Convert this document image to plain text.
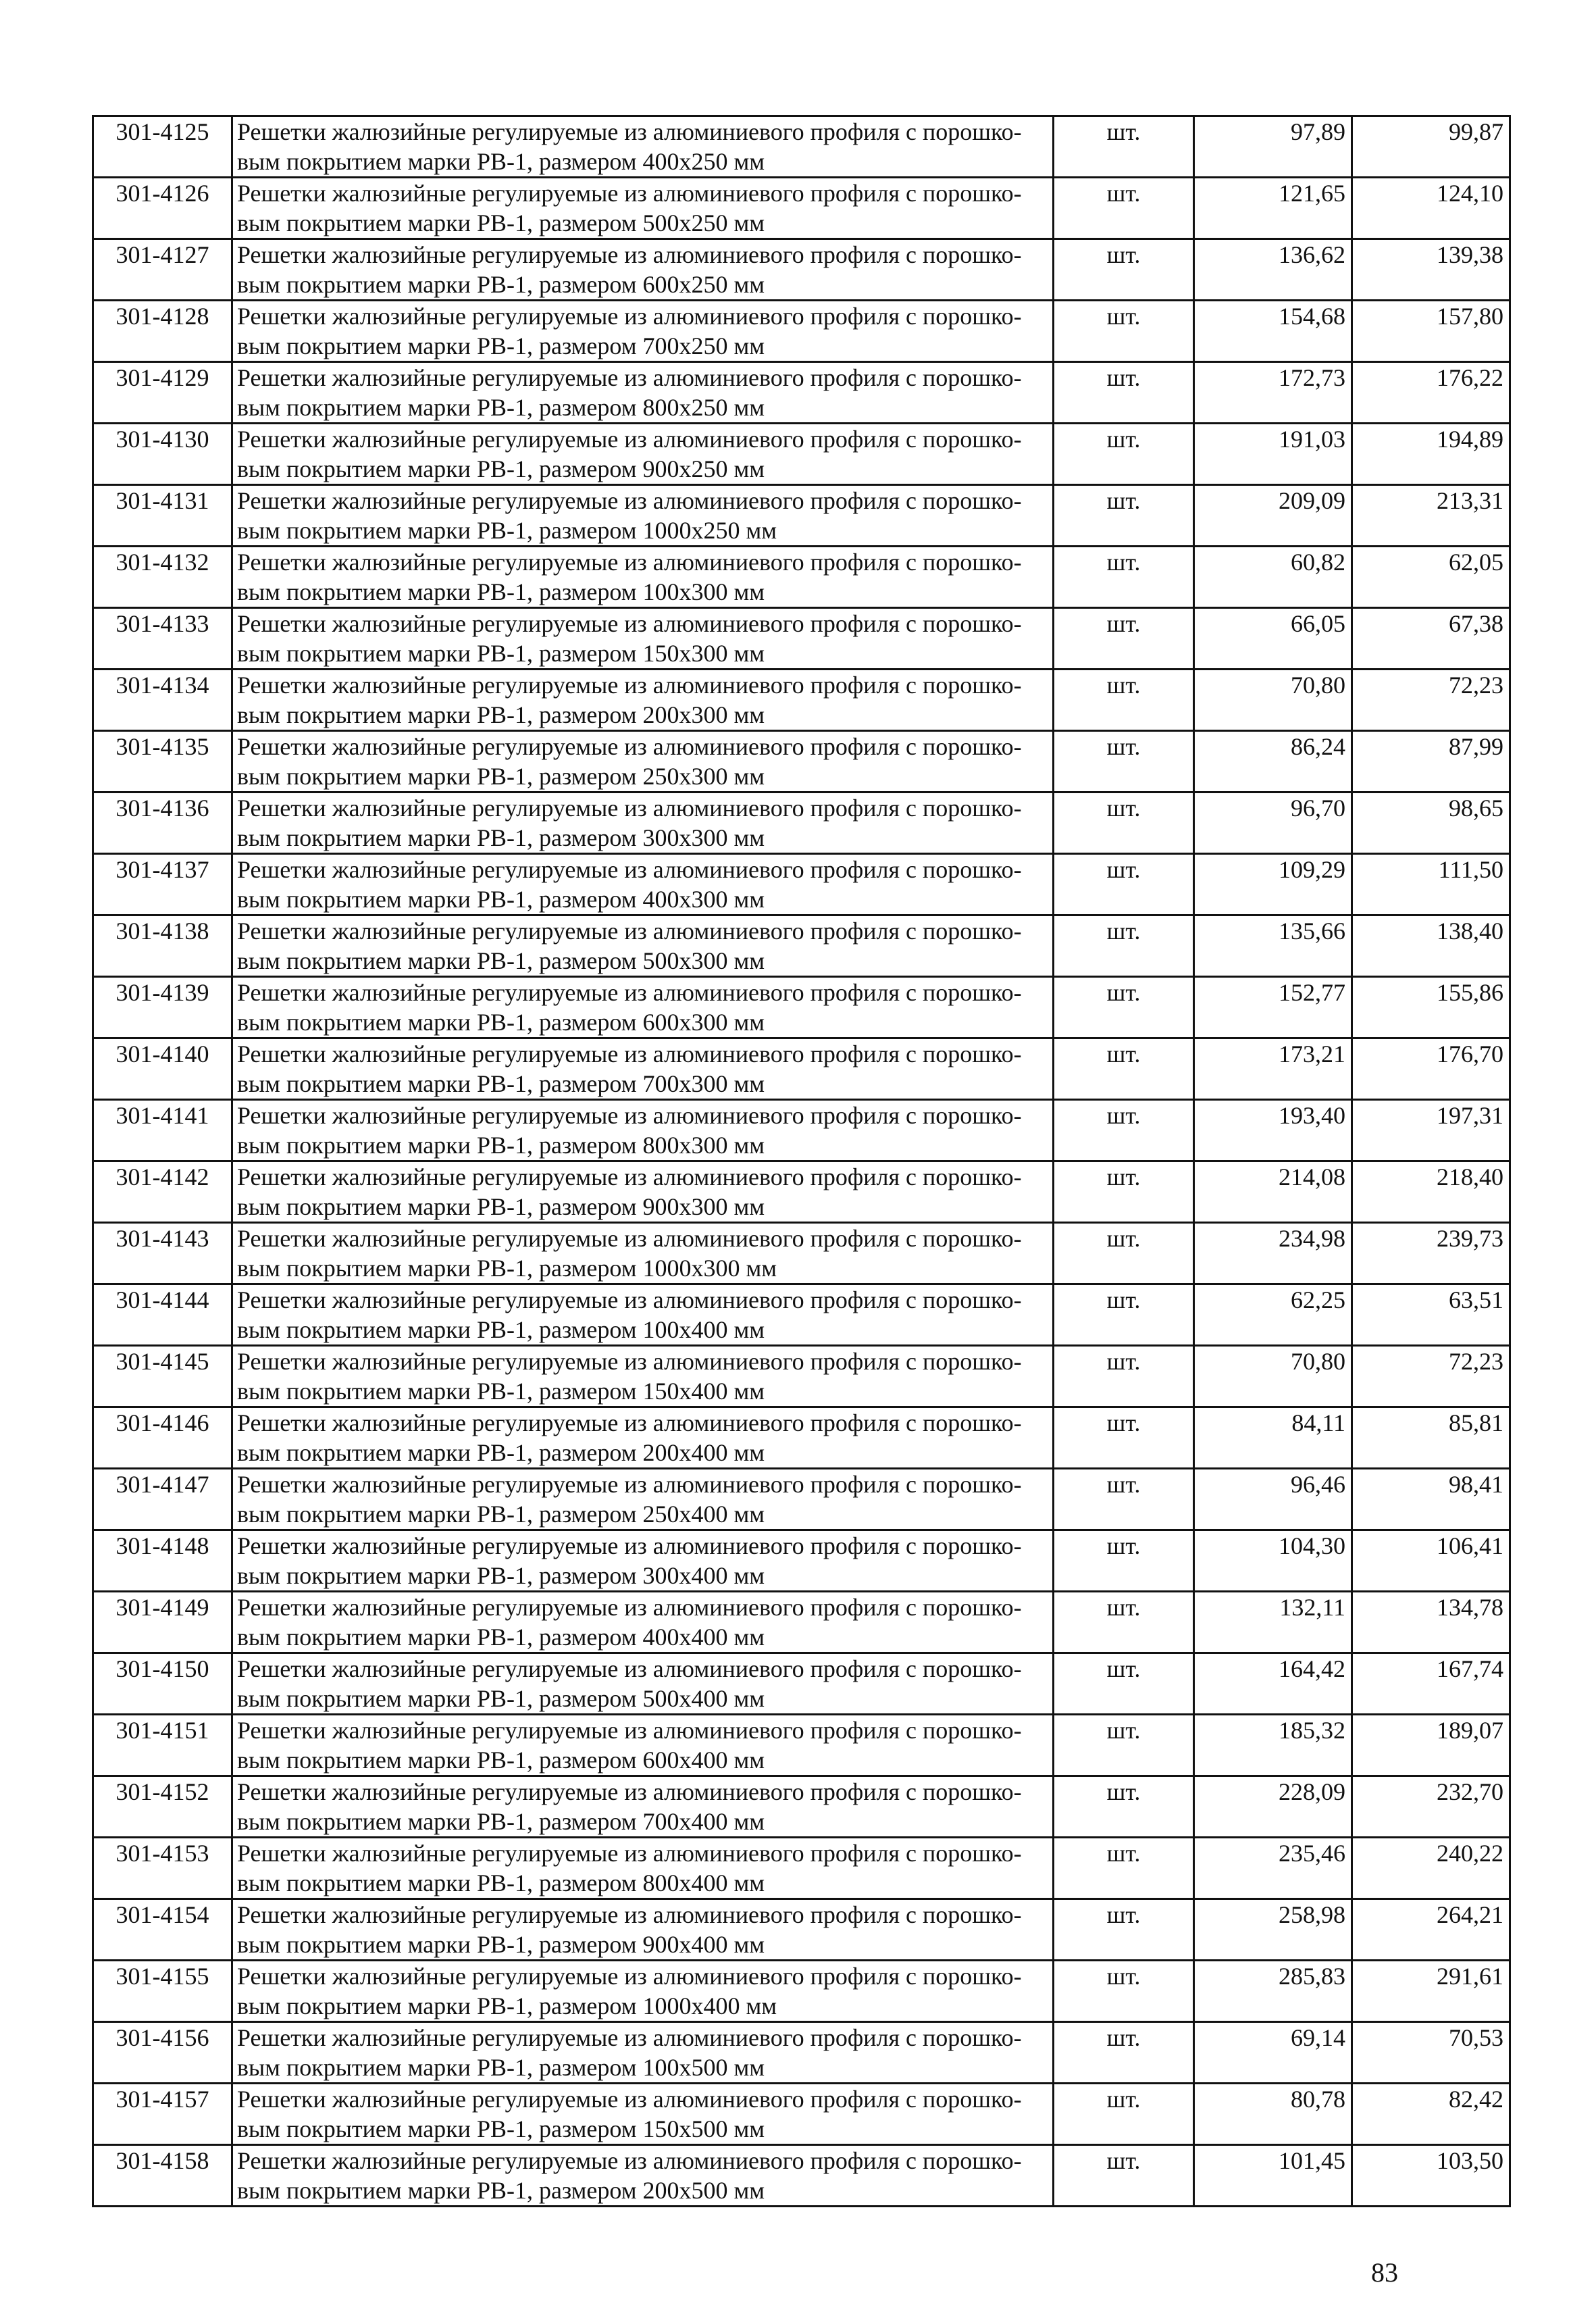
301-4125	Решетки жалюзийные регулируемые из алюминиевого профиля с порошко-
вым покрытием марки РВ-1, размером 400x250 мм	шт.	97,89	99,87
301-4126	Решетки жалюзийные регулируемые из алюминиевого профиля с порошко-
вым покрытием марки РВ-1, размером 500x250 мм	шт.	121,65	124,10
301-4127	Решетки жалюзийные регулируемые из алюминиевого профиля с порошко-
вым покрытием марки РВ-1, размером 600x250 мм	шт.	136,62	139,38
301-4128	Решетки жалюзийные регулируемые из алюминиевого профиля с порошко-
вым покрытием марки РВ-1, размером 700x250 мм	шт.	154,68	157,80
301-4129	Решетки жалюзийные регулируемые из алюминиевого профиля с порошко-
вым покрытием марки РВ-1, размером 800x250 мм	шт.	172,73	176,22
301-4130	Решетки жалюзийные регулируемые из алюминиевого профиля с порошко-
вым покрытием марки РВ-1, размером 900x250 мм	шт.	191,03	194,89
301-4131	Решетки жалюзийные регулируемые из алюминиевого профиля с порошко-
вым покрытием марки РВ-1, размером 1000x250 мм	шт.	209,09	213,31
301-4132	Решетки жалюзийные регулируемые из алюминиевого профиля с порошко-
вым покрытием марки РВ-1, размером 100x300 мм	шт.	60,82	62,05
301-4133	Решетки жалюзийные регулируемые из алюминиевого профиля с порошко-
вым покрытием марки РВ-1, размером 150x300 мм	шт.	66,05	67,38
301-4134	Решетки жалюзийные регулируемые из алюминиевого профиля с порошко-
вым покрытием марки РВ-1, размером 200x300 мм	шт.	70,80	72,23
301-4135	Решетки жалюзийные регулируемые из алюминиевого профиля с порошко-
вым покрытием марки РВ-1, размером 250x300 мм	шт.	86,24	87,99
301-4136	Решетки жалюзийные регулируемые из алюминиевого профиля с порошко-
вым покрытием марки РВ-1, размером 300x300 мм	шт.	96,70	98,65
301-4137	Решетки жалюзийные регулируемые из алюминиевого профиля с порошко-
вым покрытием марки РВ-1, размером 400x300 мм	шт.	109,29	111,50
301-4138	Решетки жалюзийные регулируемые из алюминиевого профиля с порошко-
вым покрытием марки РВ-1, размером 500x300 мм	шт.	135,66	138,40
301-4139	Решетки жалюзийные регулируемые из алюминиевого профиля с порошко-
вым покрытием марки РВ-1, размером 600x300 мм	шт.	152,77	155,86
301-4140	Решетки жалюзийные регулируемые из алюминиевого профиля с порошко-
вым покрытием марки РВ-1, размером 700x300 мм	шт.	173,21	176,70
301-4141	Решетки жалюзийные регулируемые из алюминиевого профиля с порошко-
вым покрытием марки РВ-1, размером 800x300 мм	шт.	193,40	197,31
301-4142	Решетки жалюзийные регулируемые из алюминиевого профиля с порошко-
вым покрытием марки РВ-1, размером 900x300 мм	шт.	214,08	218,40
301-4143	Решетки жалюзийные регулируемые из алюминиевого профиля с порошко-
вым покрытием марки РВ-1, размером 1000x300 мм	шт.	234,98	239,73
301-4144	Решетки жалюзийные регулируемые из алюминиевого профиля с порошко-
вым покрытием марки РВ-1, размером 100x400 мм	шт.	62,25	63,51
301-4145	Решетки жалюзийные регулируемые из алюминиевого профиля с порошко-
вым покрытием марки РВ-1, размером 150x400 мм	шт.	70,80	72,23
301-4146	Решетки жалюзийные регулируемые из алюминиевого профиля с порошко-
вым покрытием марки РВ-1, размером 200x400 мм	шт.	84,11	85,81
301-4147	Решетки жалюзийные регулируемые из алюминиевого профиля с порошко-
вым покрытием марки РВ-1, размером 250x400 мм	шт.	96,46	98,41
301-4148	Решетки жалюзийные регулируемые из алюминиевого профиля с порошко-
вым покрытием марки РВ-1, размером 300x400 мм	шт.	104,30	106,41
301-4149	Решетки жалюзийные регулируемые из алюминиевого профиля с порошко-
вым покрытием марки РВ-1, размером 400x400 мм	шт.	132,11	134,78
301-4150	Решетки жалюзийные регулируемые из алюминиевого профиля с порошко-
вым покрытием марки РВ-1, размером 500x400 мм	шт.	164,42	167,74
301-4151	Решетки жалюзийные регулируемые из алюминиевого профиля с порошко-
вым покрытием марки РВ-1, размером 600x400 мм	шт.	185,32	189,07
301-4152	Решетки жалюзийные регулируемые из алюминиевого профиля с порошко-
вым покрытием марки РВ-1, размером 700x400 мм	шт.	228,09	232,70
301-4153	Решетки жалюзийные регулируемые из алюминиевого профиля с порошко-
вым покрытием марки РВ-1, размером 800x400 мм	шт.	235,46	240,22
301-4154	Решетки жалюзийные регулируемые из алюминиевого профиля с порошко-
вым покрытием марки РВ-1, размером 900x400 мм	шт.	258,98	264,21
301-4155	Решетки жалюзийные регулируемые из алюминиевого профиля с порошко-
вым покрытием марки РВ-1, размером 1000x400 мм	шт.	285,83	291,61
301-4156	Решетки жалюзийные регулируемые из алюминиевого профиля с порошко-
вым покрытием марки РВ-1, размером 100x500 мм	шт.	69,14	70,53
301-4157	Решетки жалюзийные регулируемые из алюминиевого профиля с порошко-
вым покрытием марки РВ-1, размером 150x500 мм	шт.	80,78	82,42
301-4158	Решетки жалюзийные регулируемые из алюминиевого профиля с порошко-
вым покрытием марки РВ-1, размером 200x500 мм	шт.	101,45	103,50
83
